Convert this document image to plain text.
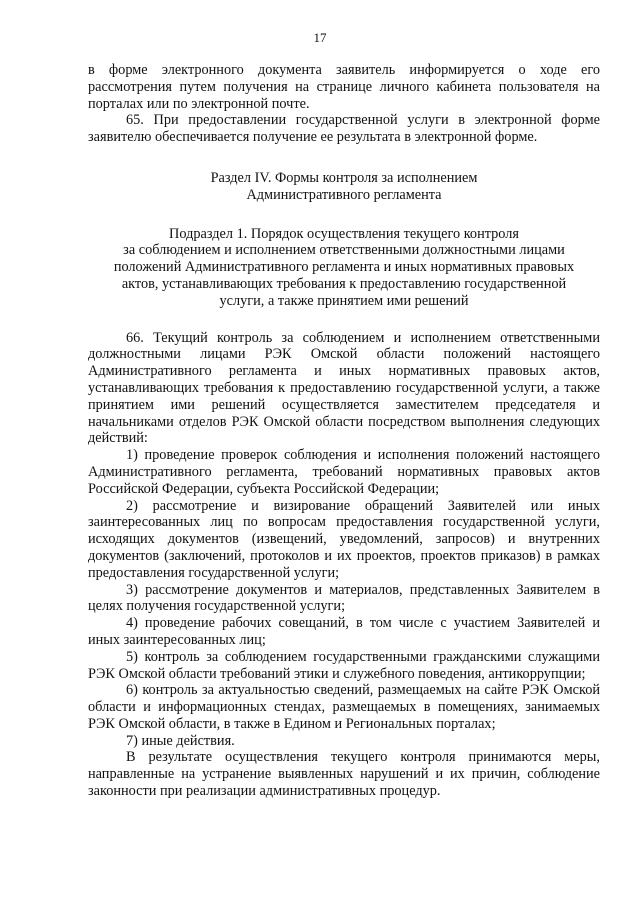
17

в форме электронного документа заявитель информируется о ходе его рассмотрения путем получения на странице личного кабинета пользователя на порталах или по электронной почте.

65. При предоставлении государственной услуги в электронной форме заявителю обеспечивается получение ее результата в электронной форме.

Раздел IV. Формы контроля за исполнением

Административного регламента

Подраздел 1. Порядок осуществления текущего контроля

за соблюдением и исполнением ответственными должностными лицами

положений Административного регламента и иных нормативных правовых

актов, устанавливающих требования к предоставлению государственной

услуги, а также принятием ими решений

66. Текущий контроль за соблюдением и исполнением ответственными должностными лицами РЭК Омской области положений настоящего Административного регламента и иных нормативных правовых актов, устанавливающих требования к предоставлению государственной услуги, а также принятием ими решений осуществляется заместителем председателя и начальниками отделов РЭК Омской области посредством выполнения следующих действий:

1) проведение проверок соблюдения и исполнения положений настоящего Административного регламента, требований нормативных правовых актов Российской Федерации, субъекта Российской Федерации;

2) рассмотрение и визирование обращений Заявителей или иных заинтересованных лиц по вопросам предоставления государственной услуги, исходящих документов (извещений, уведомлений, запросов) и внутренних документов (заключений, протоколов и их проектов, проектов приказов) в рамках предоставления государственной услуги;

3) рассмотрение документов и материалов, представленных Заявителем в целях получения государственной услуги;

4) проведение рабочих совещаний, в том числе с участием Заявителей и иных заинтересованных лиц;

5) контроль за соблюдением государственными гражданскими служащими РЭК Омской области требований этики и служебного поведения, антикоррупции;

6) контроль за актуальностью сведений, размещаемых на сайте РЭК Омской области и информационных стендах, размещаемых в помещениях, занимаемых РЭК Омской области, в также в Едином и Региональных порталах;

7) иные действия.

В результате осуществления текущего контроля принимаются меры, направленные на устранение выявленных нарушений и их причин, соблюдение законности при реализации административных процедур.
